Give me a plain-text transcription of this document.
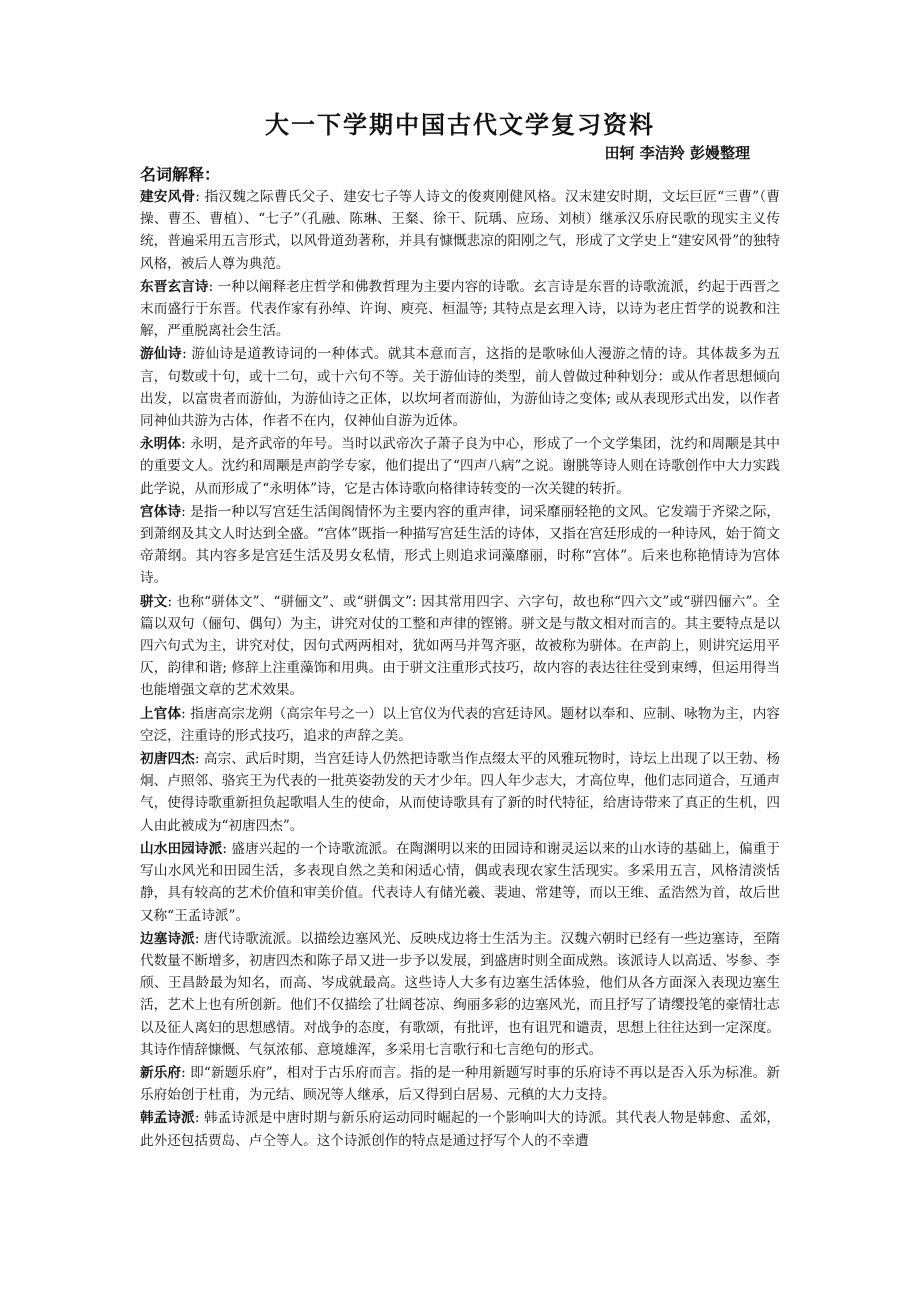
大一下学期中国古代文学复习资料

田轲 李洁羚 彭嫚整理

名词解释：

建安风骨: 指汉魏之际曹氏父子、建安七子等人诗文的俊爽刚健风格。汉末建安时期，文坛巨匠“三曹”（曹操、曹丕、曹植）、“七子”（孔融、陈琳、王粲、徐干、阮瑀、应玚、刘桢）继承汉乐府民歌的现实主义传统，普遍采用五言形式，以风骨道劲著称，并具有慷慨悲凉的阳刚之气，形成了文学史上“建安风骨”的独特风格，被后人尊为典范。

东晋玄言诗: 一种以阐释老庄哲学和佛教哲理为主要内容的诗歌。玄言诗是东晋的诗歌流派，约起于西晋之末而盛行于东晋。代表作家有孙绰、许询、庾亮、桓温等; 其特点是玄理入诗，以诗为老庄哲学的说教和注解，严重脱离社会生活。

游仙诗: 游仙诗是道教诗词的一种体式。就其本意而言，这指的是歌咏仙人漫游之情的诗。其体裁多为五言，句数或十句，或十二句，或十六句不等。关于游仙诗的类型，前人曾做过种种划分：或从作者思想倾向出发，以富贵者而游仙，为游仙诗之正体，以坎坷者而游仙，为游仙诗之变体; 或从表现形式出发，以作者同神仙共游为古体，作者不在内，仅神仙自游为近体。

永明体: 永明，是齐武帝的年号。当时以武帝次子萧子良为中心，形成了一个文学集团，沈约和周颙是其中的重要文人。沈约和周颙是声韵学专家，他们提出了“四声八病”之说。谢朓等诗人则在诗歌创作中大力实践此学说，从而形成了“永明体”诗，它是古体诗歌向格律诗转变的一次关键的转折。

宫体诗: 是指一种以写宫廷生活闺阁情怀为主要内容的重声律，词采靡丽轻艳的文风。它发端于齐梁之际，到萧纲及其文人时达到全盛。“宫体”既指一种描写宫廷生活的诗体，又指在宫廷形成的一种诗风，始于简文帝萧纲。其内容多是宫廷生活及男女私情，形式上则追求词藻靡丽，时称“宫体”。后来也称艳情诗为宫体诗。

骈文: 也称“骈体文”、“骈俪文”、或“骈偶文”: 因其常用四字、六字句，故也称“四六文”或“骈四俪六”。全篇以双句（俪句、偶句）为主，讲究对仗的工整和声律的铿锵。骈文是与散文相对而言的。其主要特点是以四六句式为主，讲究对仗，因句式两两相对，犹如两马并驾齐驱，故被称为骈体。在声韵上，则讲究运用平仄，韵律和谐; 修辞上注重藻饰和用典。由于骈文注重形式技巧，故内容的表达往往受到束缚，但运用得当也能增强文章的艺术效果。

上官体: 指唐高宗龙朔（高宗年号之一）以上官仪为代表的宫廷诗风。题材以奉和、应制、咏物为主，内容空泛，注重诗的形式技巧，追求的声辞之美。

初唐四杰: 高宗、武后时期，当宫廷诗人仍然把诗歌当作点缀太平的风雅玩物时，诗坛上出现了以王勃、杨炯、卢照邻、骆宾王为代表的一批英姿勃发的天才少年。四人年少志大，才高位卑，他们志同道合，互通声气，使得诗歌重新担负起歌唱人生的使命，从而使诗歌具有了新的时代特征，给唐诗带来了真正的生机，四人由此被成为“初唐四杰”。

山水田园诗派: 盛唐兴起的一个诗歌流派。在陶渊明以来的田园诗和谢灵运以来的山水诗的基础上，偏重于写山水风光和田园生活，多表现自然之美和闲适心情，偶或表现农家生活现实。多采用五言，风格清淡恬静，具有较高的艺术价值和审美价值。代表诗人有储光羲、裴迪、常建等，而以王维、孟浩然为首，故后世又称“王孟诗派”。

边塞诗派: 唐代诗歌流派。以描绘边塞风光、反映戍边将士生活为主。汉魏六朝时已经有一些边塞诗，至隋代数量不断增多，初唐四杰和陈子昂又进一步予以发展，到盛唐时则全面成熟。该派诗人以高适、岑参、李颀、王昌龄最为知名，而高、岑成就最高。这些诗人大多有边塞生活体验，他们从各方面深入表现边塞生活，艺术上也有所创新。他们不仅描绘了壮阔苍凉、绚丽多彩的边塞风光，而且抒写了请缨投笔的豪情壮志以及征人离妇的思想感情。对战争的态度，有歌颂，有批评，也有诅咒和谴责，思想上往往达到一定深度。其诗作情辞慷慨、气氛浓郁、意境雄浑，多采用七言歌行和七言绝句的形式。

新乐府: 即“新题乐府”，相对于古乐府而言。指的是一种用新题写时事的乐府诗不再以是否入乐为标准。新乐府始创于杜甫，为元结、顾况等人继承，后又得到白居易、元稹的大力支持。

韩孟诗派: 韩孟诗派是中唐时期与新乐府运动同时崛起的一个影响叫大的诗派。其代表人物是韩愈、孟郊，此外还包括贾岛、卢仝等人。这个诗派创作的特点是通过抒写个人的不幸遭
